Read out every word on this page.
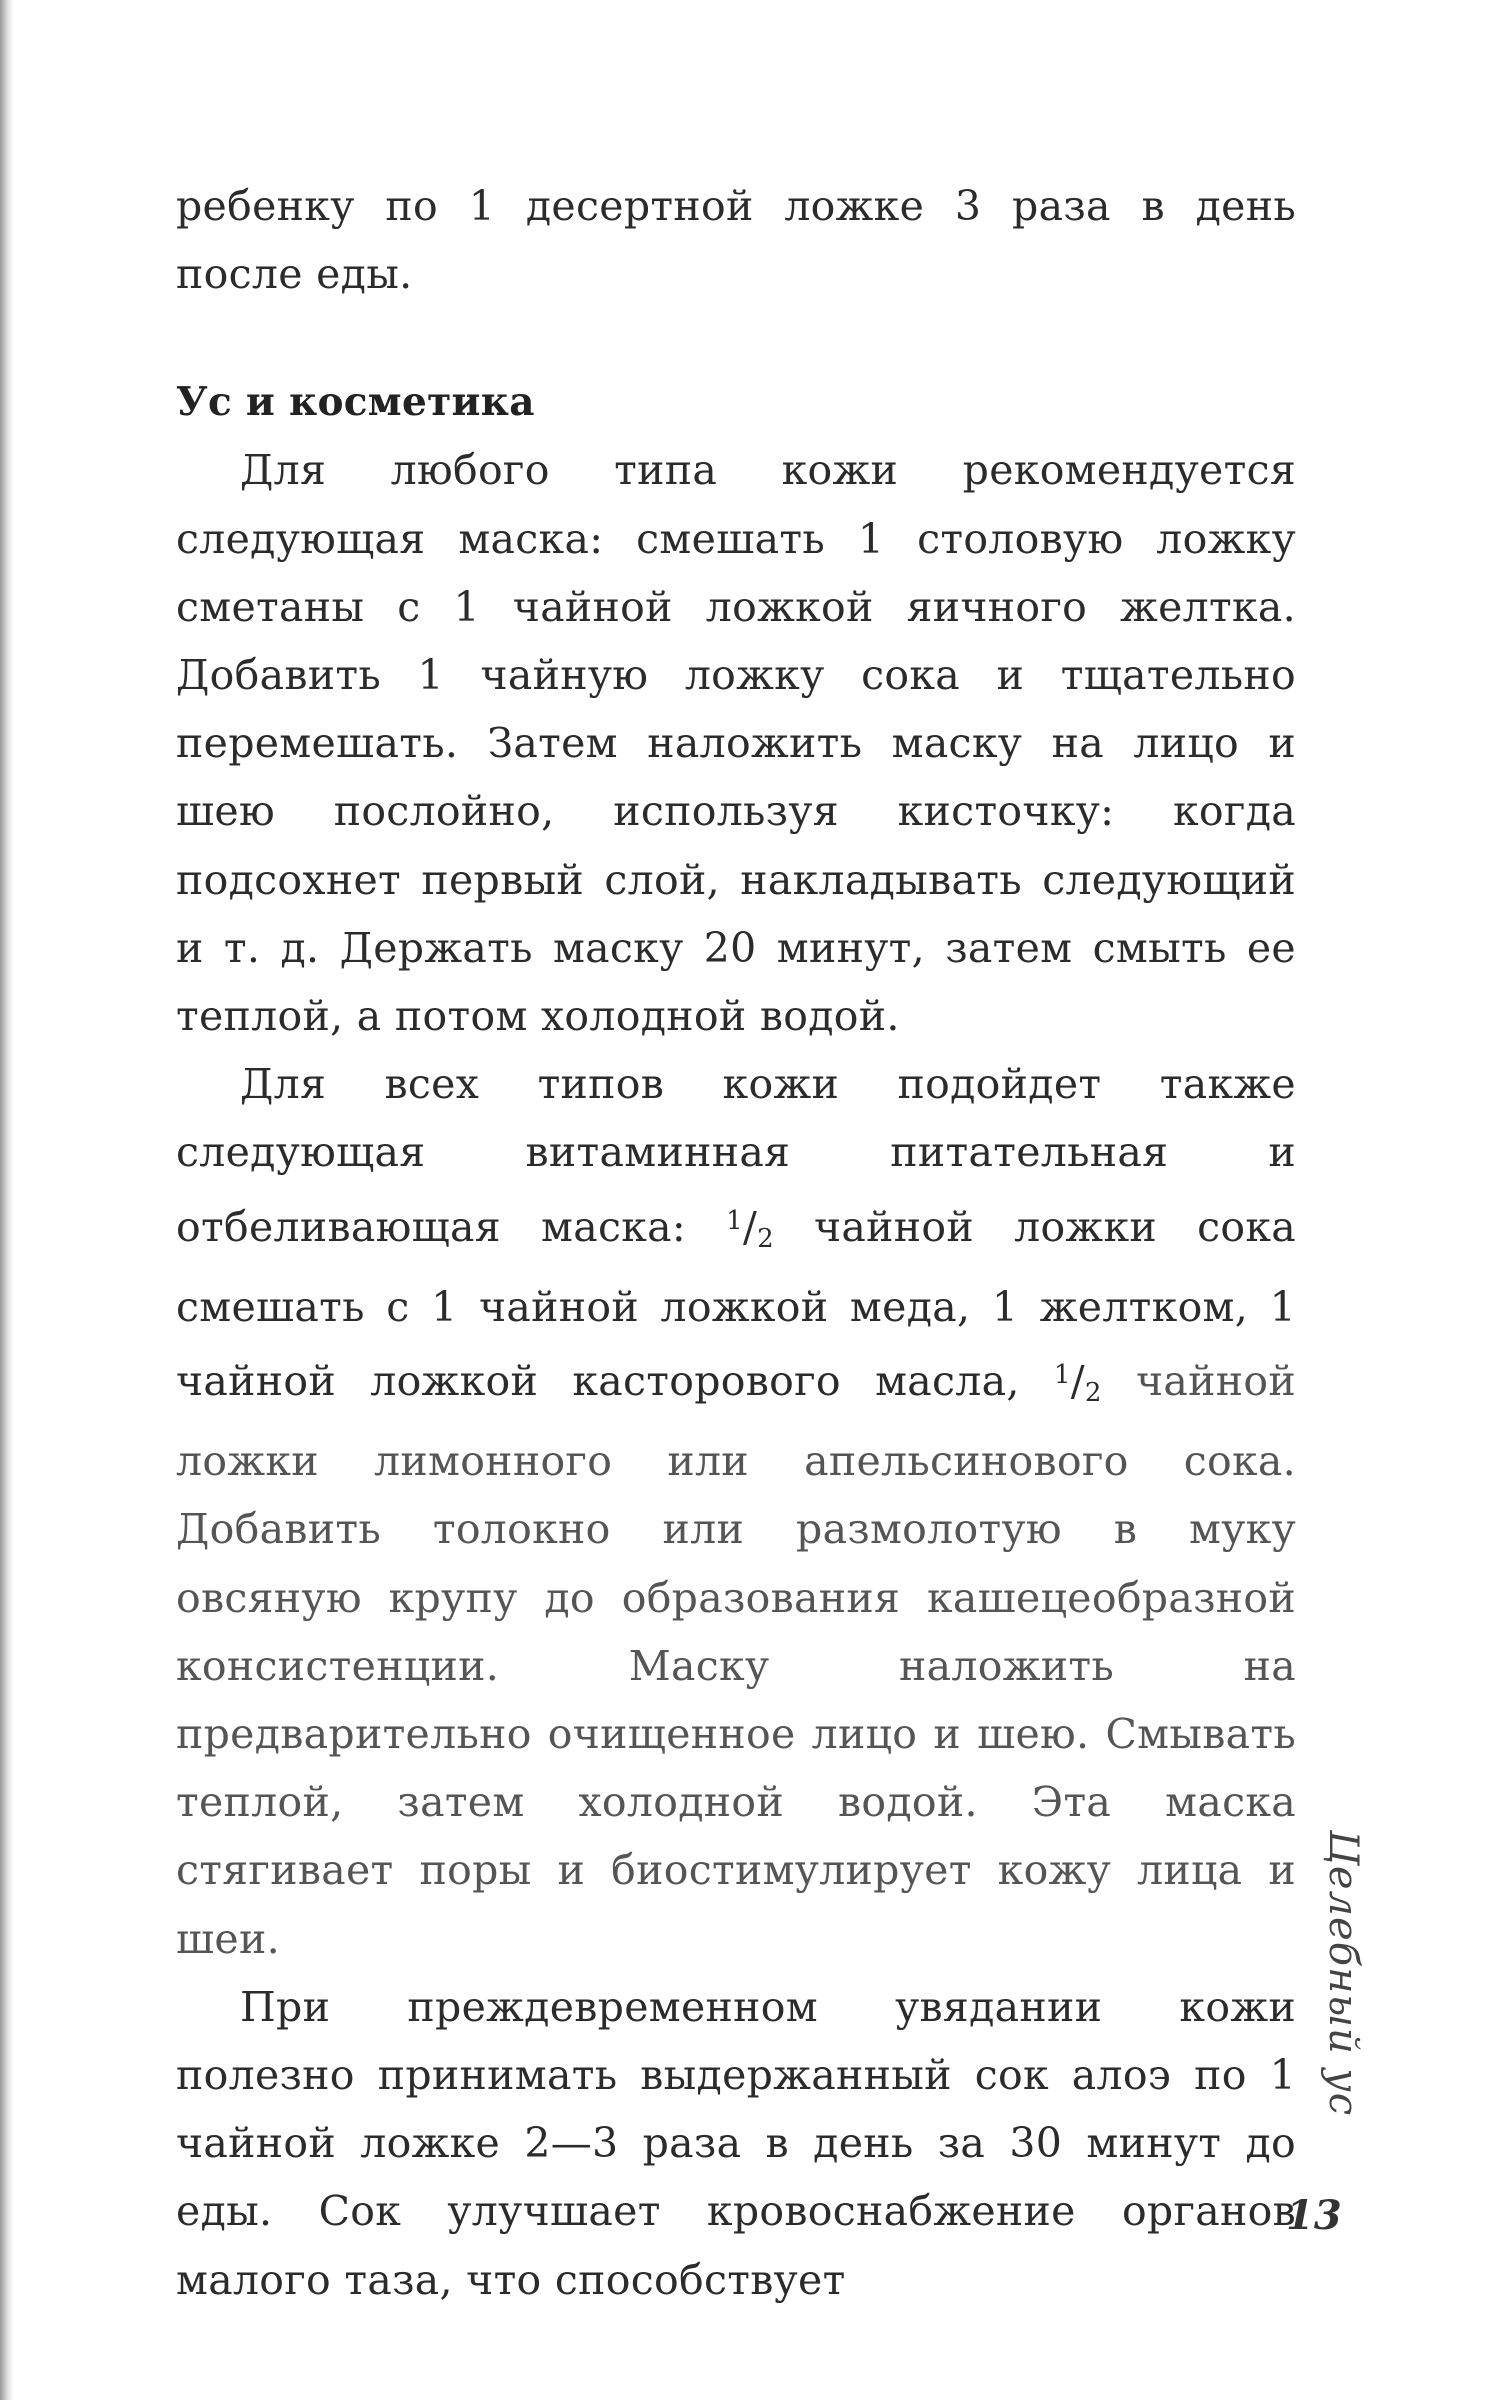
ребенку по 1 десертной ложке 3 раза в день после еды.

Ус и косметика

Для любого типа кожи рекомендуется следующая маска: смешать 1 столовую ложку сметаны с 1 чайной ложкой яичного желтка. Добавить 1 чайную ложку сока и тщательно перемешать. Затем наложить маску на лицо и шею послойно, используя кисточку: когда подсохнет первый слой, накладывать следующий и т. д. Держать маску 20 минут, затем смыть ее теплой, а потом холодной водой.

Для всех типов кожи подойдет также следующая витаминная питательная и отбеливающая маска: $^1/_2$ чайной ложки сока смешать с 1 чайной ложкой меда, 1 желтком, 1 чайной ложкой касторового масла, $^1/_2$ чайной ложки лимонного или апельсинового сока. Добавить толокно или размолотую в муку овсяную крупу до образования кашецеобразной консистенции. Маску наложить на предварительно очищенное лицо и шею. Смывать теплой, затем холодной водой. Эта маска стягивает поры и биостимулирует кожу лица и шеи.

При преждевременном увядании кожи полезно принимать выдержанный сок алоэ по 1 чайной ложке 2—3 раза в день за 30 минут до еды. Сок улучшает кровоснабжение органов малого таза, что способствует

Целебный ус
13
